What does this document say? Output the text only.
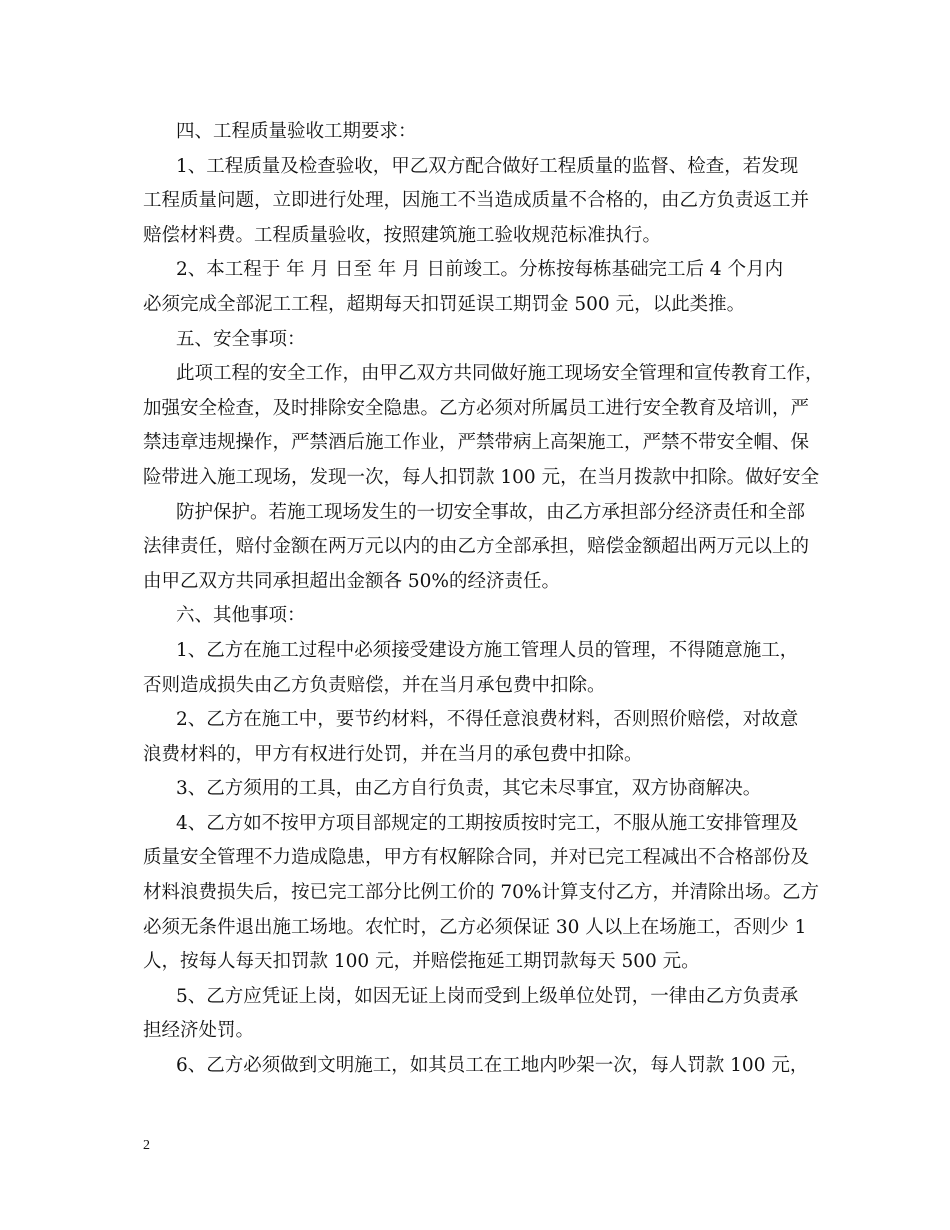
四、工程质量验收工期要求：

1、工程质量及检查验收，甲乙双方配合做好工程质量的监督、检查，若发现
工程质量问题，立即进行处理，因施工不当造成质量不合格的，由乙方负责返工并
赔偿材料费。工程质量验收，按照建筑施工验收规范标准执行。

2、本工程于 年 月 日至 年 月 日前竣工。分栋按每栋基础完工后 4 个月内
必须完成全部泥工工程，超期每天扣罚延误工期罚金 500 元，以此类推。

五、安全事项：

此项工程的安全工作，由甲乙双方共同做好施工现场安全管理和宣传教育工作，
加强安全检查，及时排除安全隐患。乙方必须对所属员工进行安全教育及培训，严
禁违章违规操作，严禁酒后施工作业，严禁带病上高架施工，严禁不带安全帽、保
险带进入施工现场，发现一次，每人扣罚款 100 元，在当月拨款中扣除。做好安全

防护保护。若施工现场发生的一切安全事故，由乙方承担部分经济责任和全部
法律责任，赔付金额在两万元以内的由乙方全部承担，赔偿金额超出两万元以上的
由甲乙双方共同承担超出金额各 50%的经济责任。

六、其他事项：

1、乙方在施工过程中必须接受建设方施工管理人员的管理，不得随意施工，
否则造成损失由乙方负责赔偿，并在当月承包费中扣除。

2、乙方在施工中，要节约材料，不得任意浪费材料，否则照价赔偿，对故意
浪费材料的，甲方有权进行处罚，并在当月的承包费中扣除。

3、乙方须用的工具，由乙方自行负责，其它未尽事宜，双方协商解决。

4、乙方如不按甲方项目部规定的工期按质按时完工，不服从施工安排管理及
质量安全管理不力造成隐患，甲方有权解除合同，并对已完工程减出不合格部份及
材料浪费损失后，按已完工部分比例工价的 70%计算支付乙方，并清除出场。乙方
必须无条件退出施工场地。农忙时，乙方必须保证 30 人以上在场施工，否则少 1
人，按每人每天扣罚款 100 元，并赔偿拖延工期罚款每天 500 元。

5、乙方应凭证上岗，如因无证上岗而受到上级单位处罚，一律由乙方负责承
担经济处罚。

6、乙方必须做到文明施工，如其员工在工地内吵架一次，每人罚款 100 元，

2
